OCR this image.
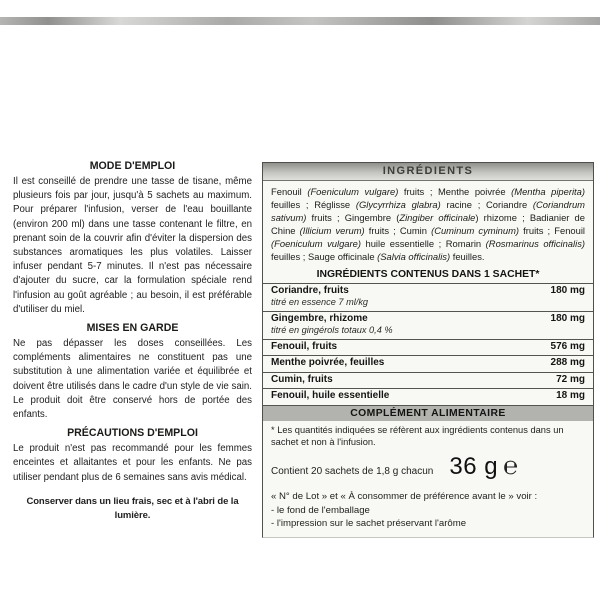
MODE D'EMPLOI

Il est conseillé de prendre une tasse de tisane, même plusieurs fois par jour, jusqu'à 5 sachets au maximum. Pour préparer l'infusion, verser de l'eau bouillante (environ 200 ml) dans une tasse contenant le filtre, en prenant soin de la couvrir afin d'éviter la dispersion des substances aromatiques les plus volatiles. Laisser infuser pendant 5-7 minutes. Il n'est pas nécessaire d'ajouter du sucre, car la formulation spéciale rend l'infusion au goût agréable ; au besoin, il est préférable d'utiliser du miel.

MISES EN GARDE

Ne pas dépasser les doses conseillées. Les compléments alimentaires ne constituent pas une substitution à une alimentation variée et équilibrée et doivent être utilisés dans le cadre d'un style de vie sain. Le produit doit être conservé hors de portée des enfants.

PRÉCAUTIONS D'EMPLOI

Le produit n'est pas recommandé pour les femmes enceintes et allaitantes et pour les enfants. Ne pas utiliser pendant plus de 6 semaines sans avis médical.

Conserver dans un lieu frais, sec et à l'abri de la lumière.

INGRÉDIENTS

Fenouil (Foeniculum vulgare) fruits ; Menthe poivrée (Mentha piperita) feuilles ; Réglisse (Glycyrrhiza glabra) racine ; Coriandre (Coriandrum sativum) fruits ; Gingembre (Zingiber officinale) rhizome ; Badianier de Chine (Illicium verum) fruits ; Cumin (Cuminum cyminum) fruits ; Fenouil (Foeniculum vulgare) huile essentielle ; Romarin (Rosmarinus officinalis) feuilles ; Sauge officinale (Salvia officinalis) feuilles.

INGRÉDIENTS CONTENUS DANS 1 SACHET*
Coriandre, fruits	180 mg
titré en essence 7 ml/kg
Gingembre, rhizome	180 mg
titré en gingérols totaux 0,4 %
Fenouil, fruits	576 mg
Menthe poivrée, feuilles	288 mg
Cumin, fruits	72 mg
Fenouil, huile essentielle	18 mg
COMPLÉMENT ALIMENTAIRE
* Les quantités indiquées se réfèrent aux ingrédients contenus dans un sachet et non à l'infusion.
Contient 20 sachets de 1,8 g chacun 36 g ℮
« N° de Lot » et « À consommer de préférence avant le » voir :
- le fond de l'emballage
- l'impression sur le sachet préservant l'arôme
